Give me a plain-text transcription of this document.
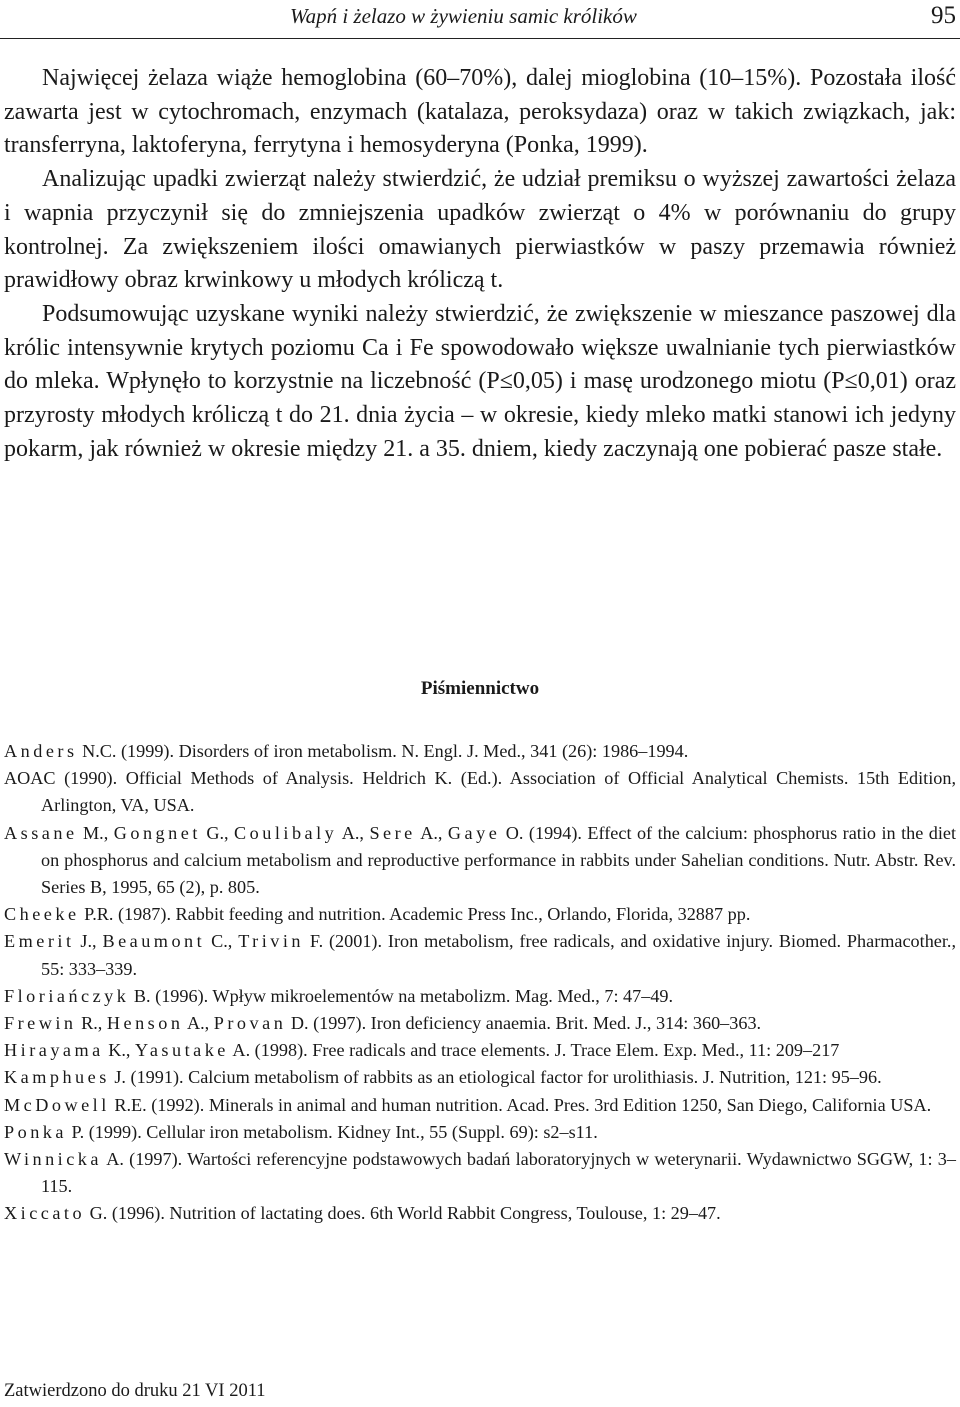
Wapń i żelazo w żywieniu samic królików	95

Najwięcej żelaza wiąże hemoglobina (60–70%), dalej mioglobina (10–15%). Pozostała ilość zawarta jest w cytochromach, enzymach (katalaza, peroksydaza) oraz w takich związkach, jak: transferryna, laktoferyna, ferrytyna i hemosyderyna (Ponka, 1999).

Analizując upadki zwierząt należy stwierdzić, że udział premiksu o wyższej zawartości żelaza i wapnia przyczynił się do zmniejszenia upadków zwierząt o 4% w porównaniu do grupy kontrolnej. Za zwiększeniem ilości omawianych pierwiastków w paszy przemawia również prawidłowy obraz krwinkowy u młodych króliczą t.

Podsumowując uzyskane wyniki należy stwierdzić, że zwiększenie w mieszance paszowej dla królic intensywnie krytych poziomu Ca i Fe spowodowało większe uwalnianie tych pierwiastków do mleka. Wpłynęło to korzystnie na liczebność (P≤0,05) i masę urodzonego miotu (P≤0,01) oraz przyrosty młodych króliczą t do 21. dnia życia – w okresie, kiedy mleko matki stanowi ich jedyny pokarm, jak również w okresie między 21. a 35. dniem, kiedy zaczynają one pobierać pasze stałe.

Piśmiennictwo
Anders N.C. (1999). Disorders of iron metabolism. N. Engl. J. Med., 341 (26): 1986–1994.
AOAC (1990). Official Methods of Analysis. Heldrich K. (Ed.). Association of Official Analytical Chemists. 15th Edition, Arlington, VA, USA.
Assane M., Gongnet G., Coulibaly A., Sere A., Gaye O. (1994). Effect of the calcium: phosphorus ratio in the diet on phosphorus and calcium metabolism and reproductive performance in rabbits under Sahelian conditions. Nutr. Abstr. Rev. Series B, 1995, 65 (2), p. 805.
Cheeke P.R. (1987). Rabbit feeding and nutrition. Academic Press Inc., Orlando, Florida, 32887 pp.
Emerit J., Beaumont C., Trivin F. (2001). Iron metabolism, free radicals, and oxidative injury. Biomed. Pharmacother., 55: 333–339.
Floriańczyk B. (1996). Wpływ mikroelementów na metabolizm. Mag. Med., 7: 47–49.
Frewin R., Henson A., Provan D. (1997). Iron deficiency anaemia. Brit. Med. J., 314: 360–363.
Hirayama K., Yasutake A. (1998). Free radicals and trace elements. J. Trace Elem. Exp. Med., 11: 209–217
Kamphues J. (1991). Calcium metabolism of rabbits as an etiological factor for urolithiasis. J. Nutrition, 121: 95–96.
McDowell R.E. (1992). Minerals in animal and human nutrition. Acad. Pres. 3rd Edition 1250, San Diego, California USA.
Ponka P. (1999). Cellular iron metabolism. Kidney Int., 55 (Suppl. 69): s2–s11.
Winnicka A. (1997). Wartości referencyjne podstawowych badań laboratoryjnych w weterynarii. Wydawnictwo SGGW, 1: 3–115.
Xiccato G. (1996). Nutrition of lactating does. 6th World Rabbit Congress, Toulouse, 1: 29–47.
Zatwierdzono do druku 21 VI 2011
